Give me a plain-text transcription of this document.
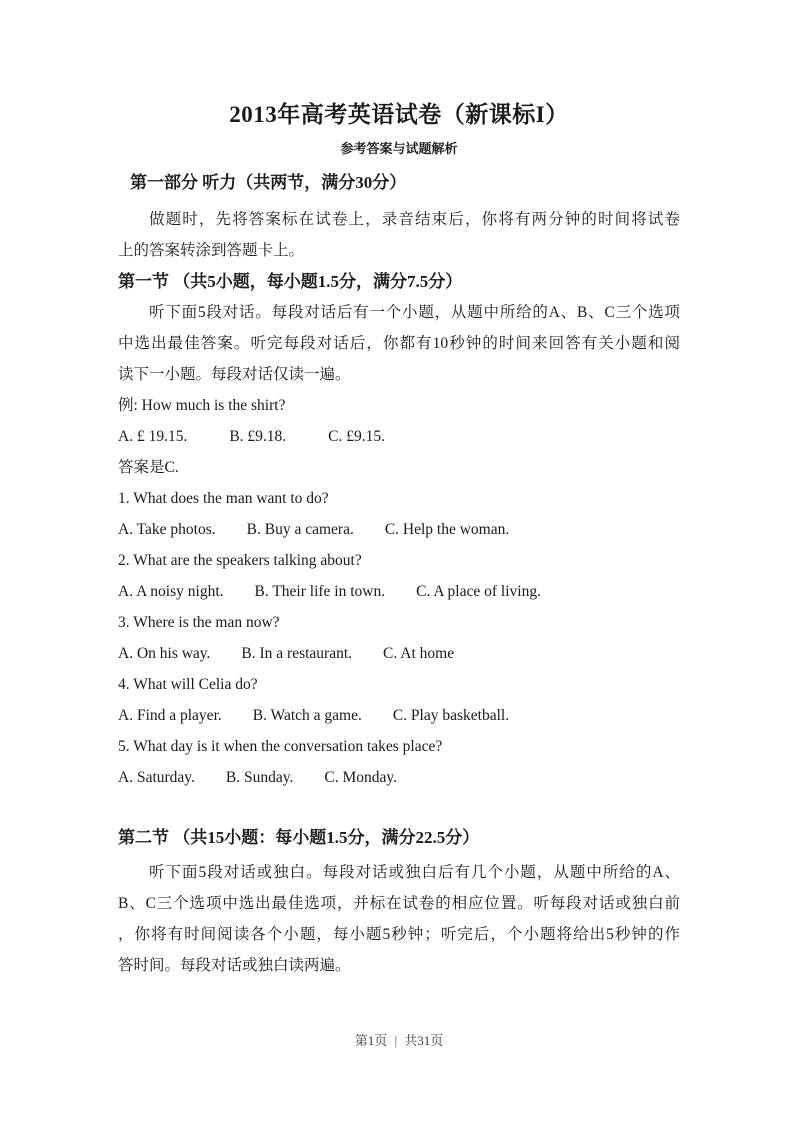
2013年高考英语试卷（新课标I）
参考答案与试题解析
第一部分 听力（共两节，满分30分）

做题时，先将答案标在试卷上，录音结束后，你将有两分钟的时间将试卷

上的答案转涂到答题卡上。

第一节 （共5小题，每小题1.5分，满分7.5分）

听下面5段对话。每段对话后有一个小题，从题中所给的A、B、C三个选项

中选出最佳答案。听完每段对话后，你都有10秒钟的时间来回答有关小题和阅

读下一小题。每段对话仅读一遍。

例: How much is the shirt?

A. £ 19.15.	B. £9.18.	C. £9.15.

答案是C.

1. What does the man want to do?

A. Take photos. B. Buy a camera. C. Help the woman.

2. What are the speakers talking about?

A. A noisy night. B. Their life in town. C. A place of living.

3. Where is the man now?

A. On his way. B. In a restaurant. C. At home

4. What will Celia do?

A. Find a player. B. Watch a game. C. Play basketball.

5. What day is it when the conversation takes place?

A. Saturday. B. Sunday. C. Monday.

第二节 （共15小题：每小题1.5分，满分22.5分）

听下面5段对话或独白。每段对话或独白后有几个小题，从题中所给的A、

B、C三个选项中选出最佳选项，并标在试卷的相应位置。听每段对话或独白前

，你将有时间阅读各个小题，每小题5秒钟；听完后，个小题将给出5秒钟的作

答时间。每段对话或独白读两遍。

第1页 | 共31页
